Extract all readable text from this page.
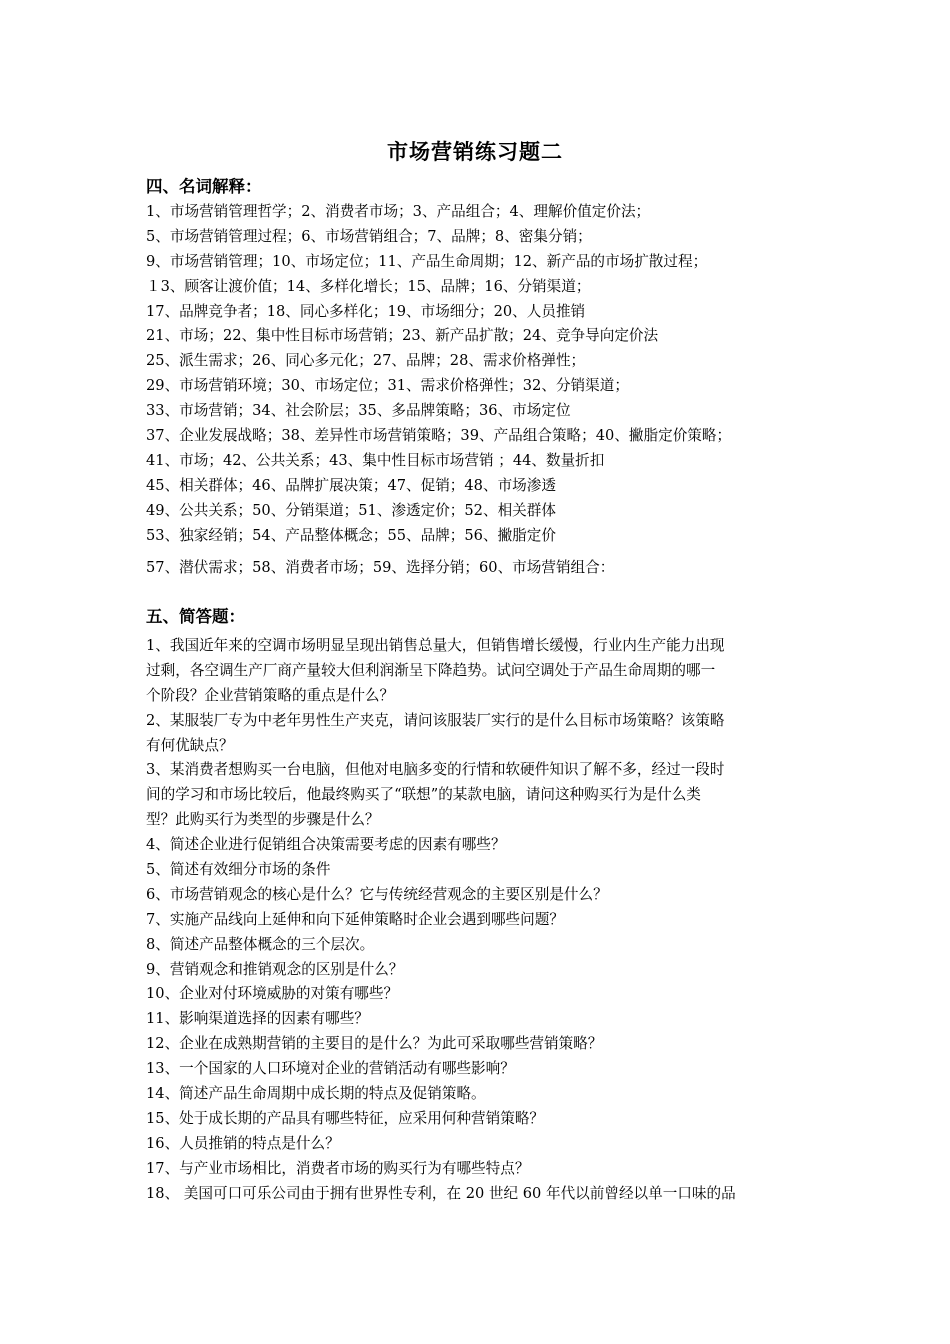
市场营销练习题二
四、名词解释：
1、市场营销管理哲学；2、消费者市场；3、产品组合；4、理解价值定价法；
5、市场营销管理过程；6、市场营销组合；7、品牌；8、密集分销；
9、市场营销管理；10、市场定位；11、产品生命周期；12、新产品的市场扩散过程；
１3、顾客让渡价值；14、多样化增长；15、品牌；16、分销渠道；
17、品牌竞争者；18、同心多样化；19、市场细分；20、人员推销
21、市场；22、集中性目标市场营销；23、新产品扩散；24、竞争导向定价法
25、派生需求；26、同心多元化；27、品牌；28、需求价格弹性；
29、市场营销环境；30、市场定位；31、需求价格弹性；32、分销渠道；
33、市场营销；34、社会阶层；35、多品牌策略；36、市场定位
37、企业发展战略；38、差异性市场营销策略；39、产品组合策略；40、撇脂定价策略；
41、市场；42、公共关系；43、集中性目标市场营销 ；44、数量折扣
45、相关群体；46、品牌扩展决策；47、促销；48、市场渗透
49、公共关系；50、分销渠道；51、渗透定价；52、相关群体
53、独家经销；54、产品整体概念；55、品牌；56、撇脂定价
57、潜伏需求；58、消费者市场；59、选择分销；60、市场营销组合：
五、简答题：
1、我国近年来的空调市场明显呈现出销售总量大，但销售增长缓慢，行业内生产能力出现
过剩，各空调生产厂商产量较大但利润渐呈下降趋势。试问空调处于产品生命周期的哪一
个阶段？企业营销策略的重点是什么？
2、某服装厂专为中老年男性生产夹克，请问该服装厂实行的是什么目标市场策略？该策略
有何优缺点？
3、某消费者想购买一台电脑，但他对电脑多变的行情和软硬件知识了解不多，经过一段时
间的学习和市场比较后，他最终购买了“联想”的某款电脑，请问这种购买行为是什么类
型？此购买行为类型的步骤是什么？
4、简述企业进行促销组合决策需要考虑的因素有哪些？
5、简述有效细分市场的条件
6、市场营销观念的核心是什么？它与传统经营观念的主要区别是什么？
7、实施产品线向上延伸和向下延伸策略时企业会遇到哪些问题？
8、简述产品整体概念的三个层次。
9、营销观念和推销观念的区别是什么？
10、企业对付环境威胁的对策有哪些？
11、影响渠道选择的因素有哪些？
12、企业在成熟期营销的主要目的是什么？为此可采取哪些营销策略？
13、一个国家的人口环境对企业的营销活动有哪些影响？
14、简述产品生命周期中成长期的特点及促销策略。
15、处于成长期的产品具有哪些特征，应采用何种营销策略？
16、人员推销的特点是什么？
17、与产业市场相比，消费者市场的购买行为有哪些特点？
18、 美国可口可乐公司由于拥有世界性专利，在 20 世纪 60 年代以前曾经以单一口味的品
